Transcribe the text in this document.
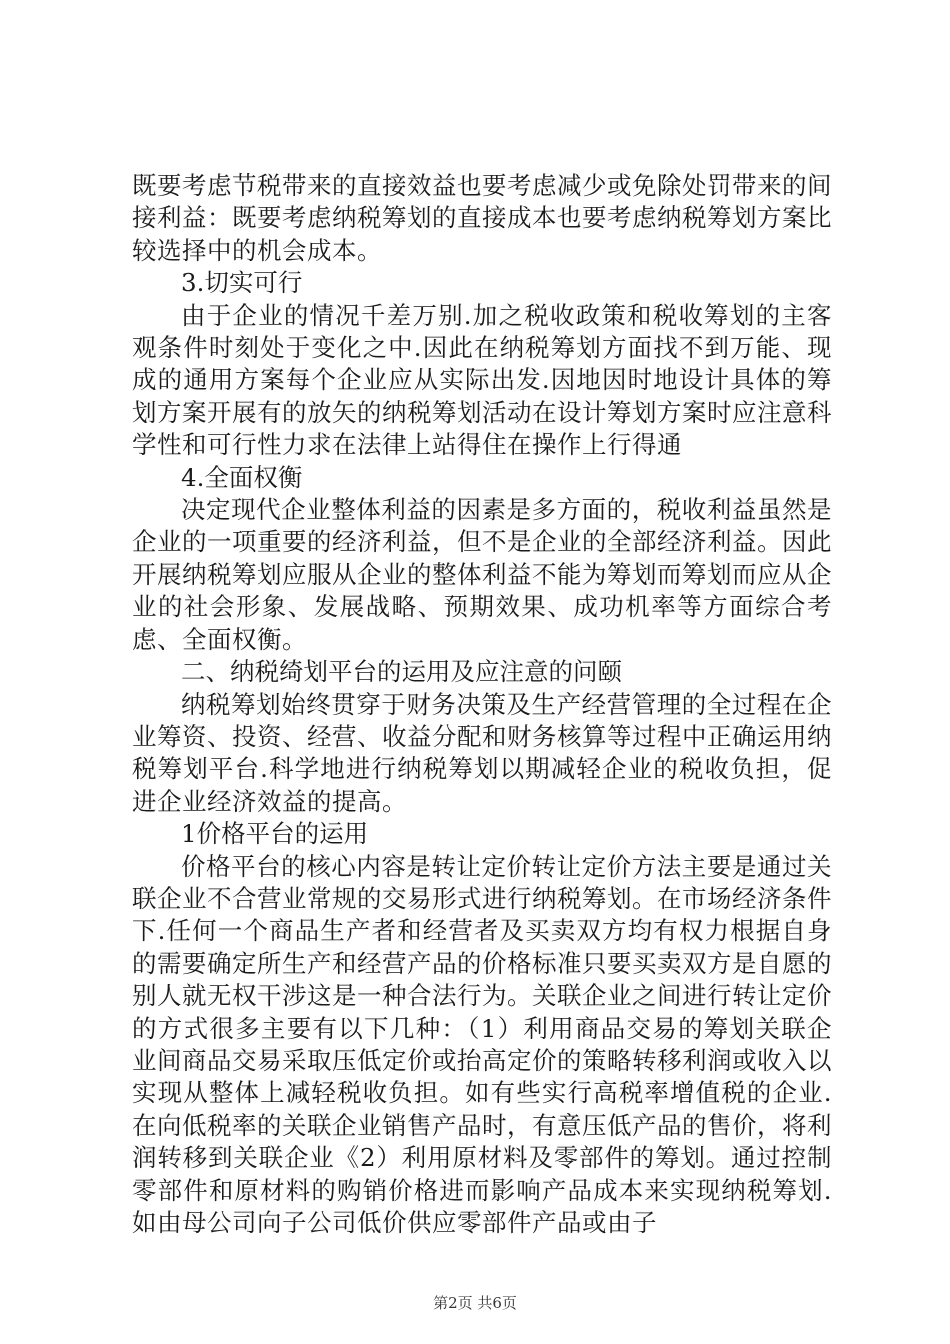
既要考虑节税带来的直接效益也要考虑减少或免除处罚带来的间接利益：既要考虑纳税筹划的直接成本也要考虑纳税筹划方案比较选择中的机会成本。

3.切实可行

由于企业的情况千差万别.加之税收政策和税收筹划的主客观条件时刻处于变化之中.因此在纳税筹划方面找不到万能、现成的通用方案每个企业应从实际出发.因地因时地设计具体的筹划方案开展有的放矢的纳税筹划活动在设计筹划方案时应注意科学性和可行性力求在法律上站得住在操作上行得通

4.全面权衡

决定现代企业整体利益的因素是多方面的，税收利益虽然是企业的一项重要的经济利益，但不是企业的全部经济利益。因此开展纳税筹划应服从企业的整体利益不能为筹划而筹划而应从企业的社会形象、发展战略、预期效果、成功机率等方面综合考虑、全面权衡。

二、纳税绮划平台的运用及应注意的问颐

纳税筹划始终贯穿于财务决策及生产经营管理的全过程在企业筹资、投资、经营、收益分配和财务核算等过程中正确运用纳税筹划平台.科学地进行纳税筹划以期减轻企业的税收负担，促进企业经济效益的提高。

1价格平台的运用

价格平台的核心内容是转让定价转让定价方法主要是通过关联企业不合营业常规的交易形式进行纳税筹划。在市场经济条件下.任何一个商品生产者和经营者及买卖双方均有权力根据自身的需要确定所生产和经营产品的价格标准只要买卖双方是自愿的别人就无权干涉这是一种合法行为。关联企业之间进行转让定价的方式很多主要有以下几种：（1）利用商品交易的筹划关联企业间商品交易采取压低定价或抬高定价的策略转移利润或收入以实现从整体上减轻税收负担。如有些实行高税率增值税的企业.在向低税率的关联企业销售产品时，有意压低产品的售价，将利润转移到关联企业《2）利用原材料及零部件的筹划。通过控制零部件和原材料的购销价格进而影响产品成本来实现纳税筹划.如由母公司向子公司低价供应零部件产品或由子

第2页 共6页
